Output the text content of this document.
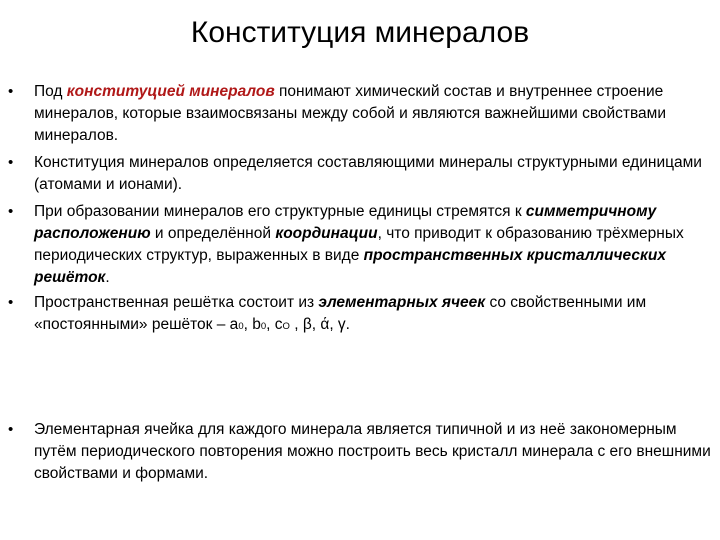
Конституция минералов
•	Под конституцией минералов понимают химический состав и внутреннее строение минералов, которые взаимосвязаны между собой и являются важнейшими свойствами минералов.
•	Конституция минералов определяется составляющими минералы структурными единицами (атомами и ионами).
•	При образовании минералов его структурные единицы стремятся к симметричному расположению и определённой координации, что приводит к образованию трёхмерных периодических структур, выраженных в виде пространственных кристаллических решёток.
•	Пространственная решётка состоит из элементарных ячеек со свойственными им «постоянными» решёток – a0, b0, cO , β, ά, γ.
•	Элементарная ячейка для каждого минерала является типичной и из неё закономерным путём периодического повторения можно построить весь кристалл минерала с его внешними свойствами и формами.
